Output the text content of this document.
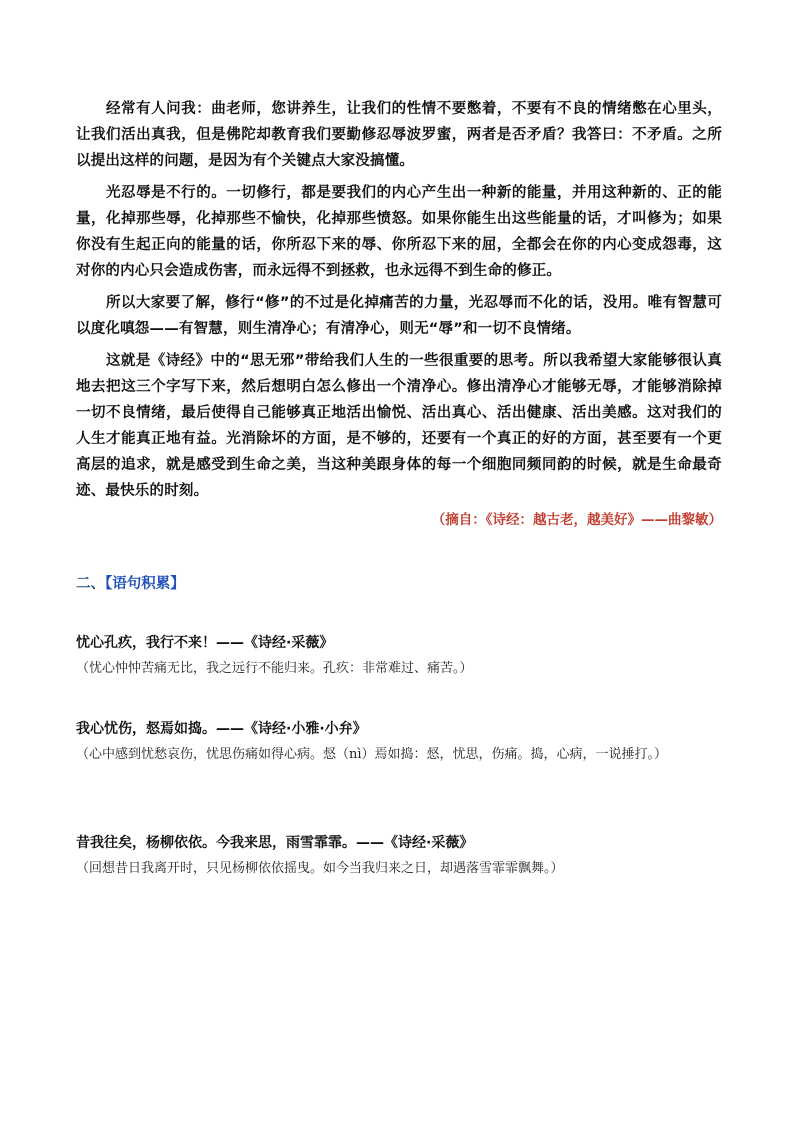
经常有人问我：曲老师，您讲养生，让我们的性情不要憋着，不要有不良的情绪憋在心里头，让我们活出真我，但是佛陀却教育我们要勤修忍辱波罗蜜，两者是否矛盾？我答曰：不矛盾。之所以提出这样的问题，是因为有个关键点大家没搞懂。

光忍辱是不行的。一切修行，都是要我们的内心产生出一种新的能量，并用这种新的、正的能量，化掉那些辱，化掉那些不愉快，化掉那些愤怒。如果你能生出这些能量的话，才叫修为；如果你没有生起正向的能量的话，你所忍下来的辱、你所忍下来的屈，全都会在你的内心变成怨毒，这对你的内心只会造成伤害，而永远得不到拯救，也永远得不到生命的修正。

所以大家要了解，修行“修”的不过是化掉痛苦的力量，光忍辱而不化的话，没用。唯有智慧可以度化嗔怨——有智慧，则生清净心；有清净心，则无“辱”和一切不良情绪。

这就是《诗经》中的“思无邪”带给我们人生的一些很重要的思考。所以我希望大家能够很认真地去把这三个字写下来，然后想明白怎么修出一个清净心。修出清净心才能够无辱，才能够消除掉一切不良情绪，最后使得自己能够真正地活出愉悦、活出真心、活出健康、活出美感。这对我们的人生才能真正地有益。光消除坏的方面，是不够的，还要有一个真正的好的方面，甚至要有一个更高层的追求，就是感受到生命之美，当这种美跟身体的每一个细胞同频同韵的时候，就是生命最奇迹、最快乐的时刻。

（摘自：《诗经：越古老，越美好》——曲黎敏）

二、【语句积累】

忧心孔疚，我行不来！——《诗经·采薇》

（忧心忡忡苦痛无比，我之远行不能归来。孔疚：非常难过、痛苦。）

我心忧伤，惄焉如捣。——《诗经·小雅·小弁》

（心中感到忧愁哀伤，忧思伤痛如得心病。惄（nì）焉如捣：惄，忧思，伤痛。捣，心病，一说捶打。）

昔我往矣，杨柳依依。今我来思，雨雪霏霏。——《诗经·采薇》

（回想昔日我离开时，只见杨柳依依摇曳。如今当我归来之日，却遇落雪霏霏飘舞。）
